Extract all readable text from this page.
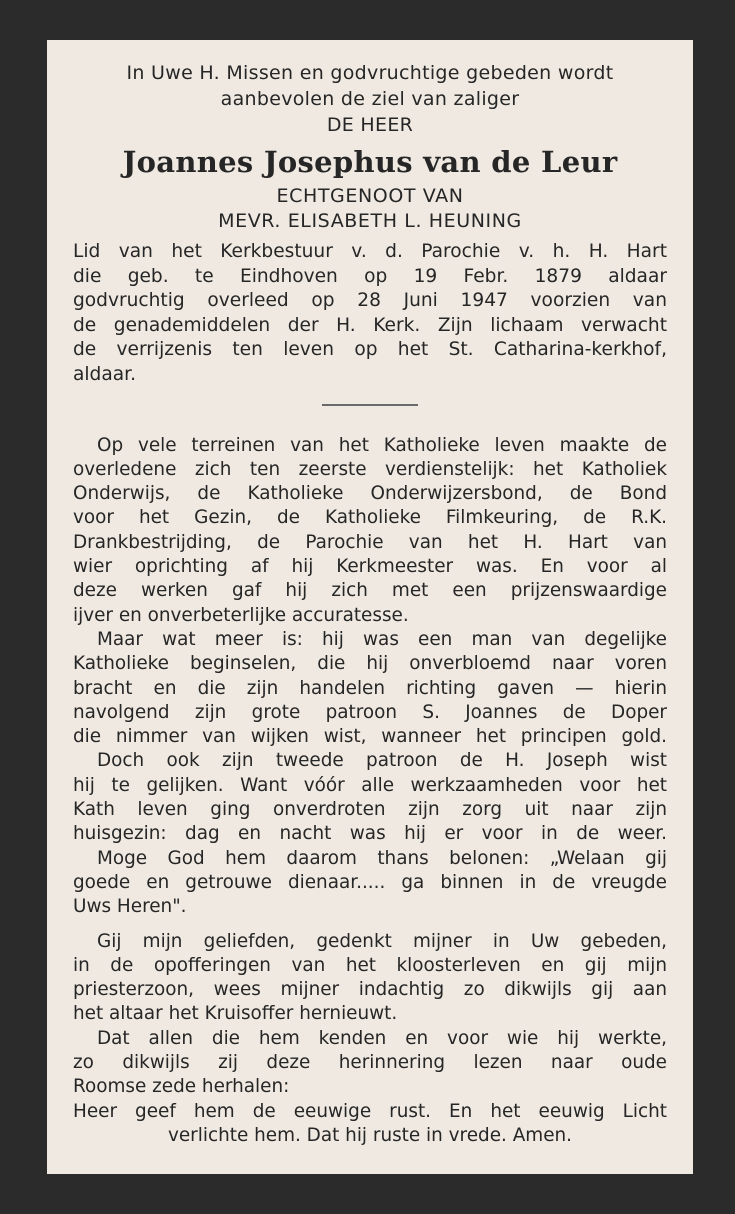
In Uwe H. Missen en godvruchtige gebeden wordt
aanbevolen de ziel van zaliger
DE HEER
Joannes Josephus van de Leur
ECHTGENOOT VAN
MEVR. ELISABETH L. HEUNING
Lid van het Kerkbestuur v. d. Parochie v. h. H. Hart
die geb. te Eindhoven op 19 Febr. 1879 aldaar
godvruchtig overleed op 28 Juni 1947 voorzien van
de genademiddelen der H. Kerk. Zijn lichaam verwacht
de verrijzenis ten leven op het St. Catharina-kerkhof,
aldaar.
Op vele terreinen van het Katholieke leven maakte de
overledene zich ten zeerste verdienstelijk: het Katholiek
Onderwijs, de Katholieke Onderwijzersbond, de Bond
voor het Gezin, de Katholieke Filmkeuring, de R.K.
Drankbestrijding, de Parochie van het H. Hart van
wier oprichting af hij Kerkmeester was. En voor al
deze werken gaf hij zich met een prijzenswaardige
ijver en onverbeterlijke accuratesse.
Maar wat meer is: hij was een man van degelijke
Katholieke beginselen, die hij onverbloemd naar voren
bracht en die zijn handelen richting gaven — hierin
navolgend zijn grote patroon S. Joannes de Doper
die nimmer van wijken wist, wanneer het principen gold.
Doch ook zijn tweede patroon de H. Joseph wist
hij te gelijken. Want vóór alle werkzaamheden voor het
Kath leven ging onverdroten zijn zorg uit naar zijn
huisgezin: dag en nacht was hij er voor in de weer.
Moge God hem daarom thans belonen: „Welaan gij
goede en getrouwe dienaar..... ga binnen in de vreugde
Uws Heren".
Gij mijn geliefden, gedenkt mijner in Uw gebeden,
in de opofferingen van het kloosterleven en gij mijn
priesterzoon, wees mijner indachtig zo dikwijls gij aan
het altaar het Kruisoffer hernieuwt.
Dat allen die hem kenden en voor wie hij werkte,
zo dikwijls zij deze herinnering lezen naar oude
Roomse zede herhalen:
Heer geef hem de eeuwige rust. En het eeuwig Licht
verlichte hem. Dat hij ruste in vrede. Amen.
